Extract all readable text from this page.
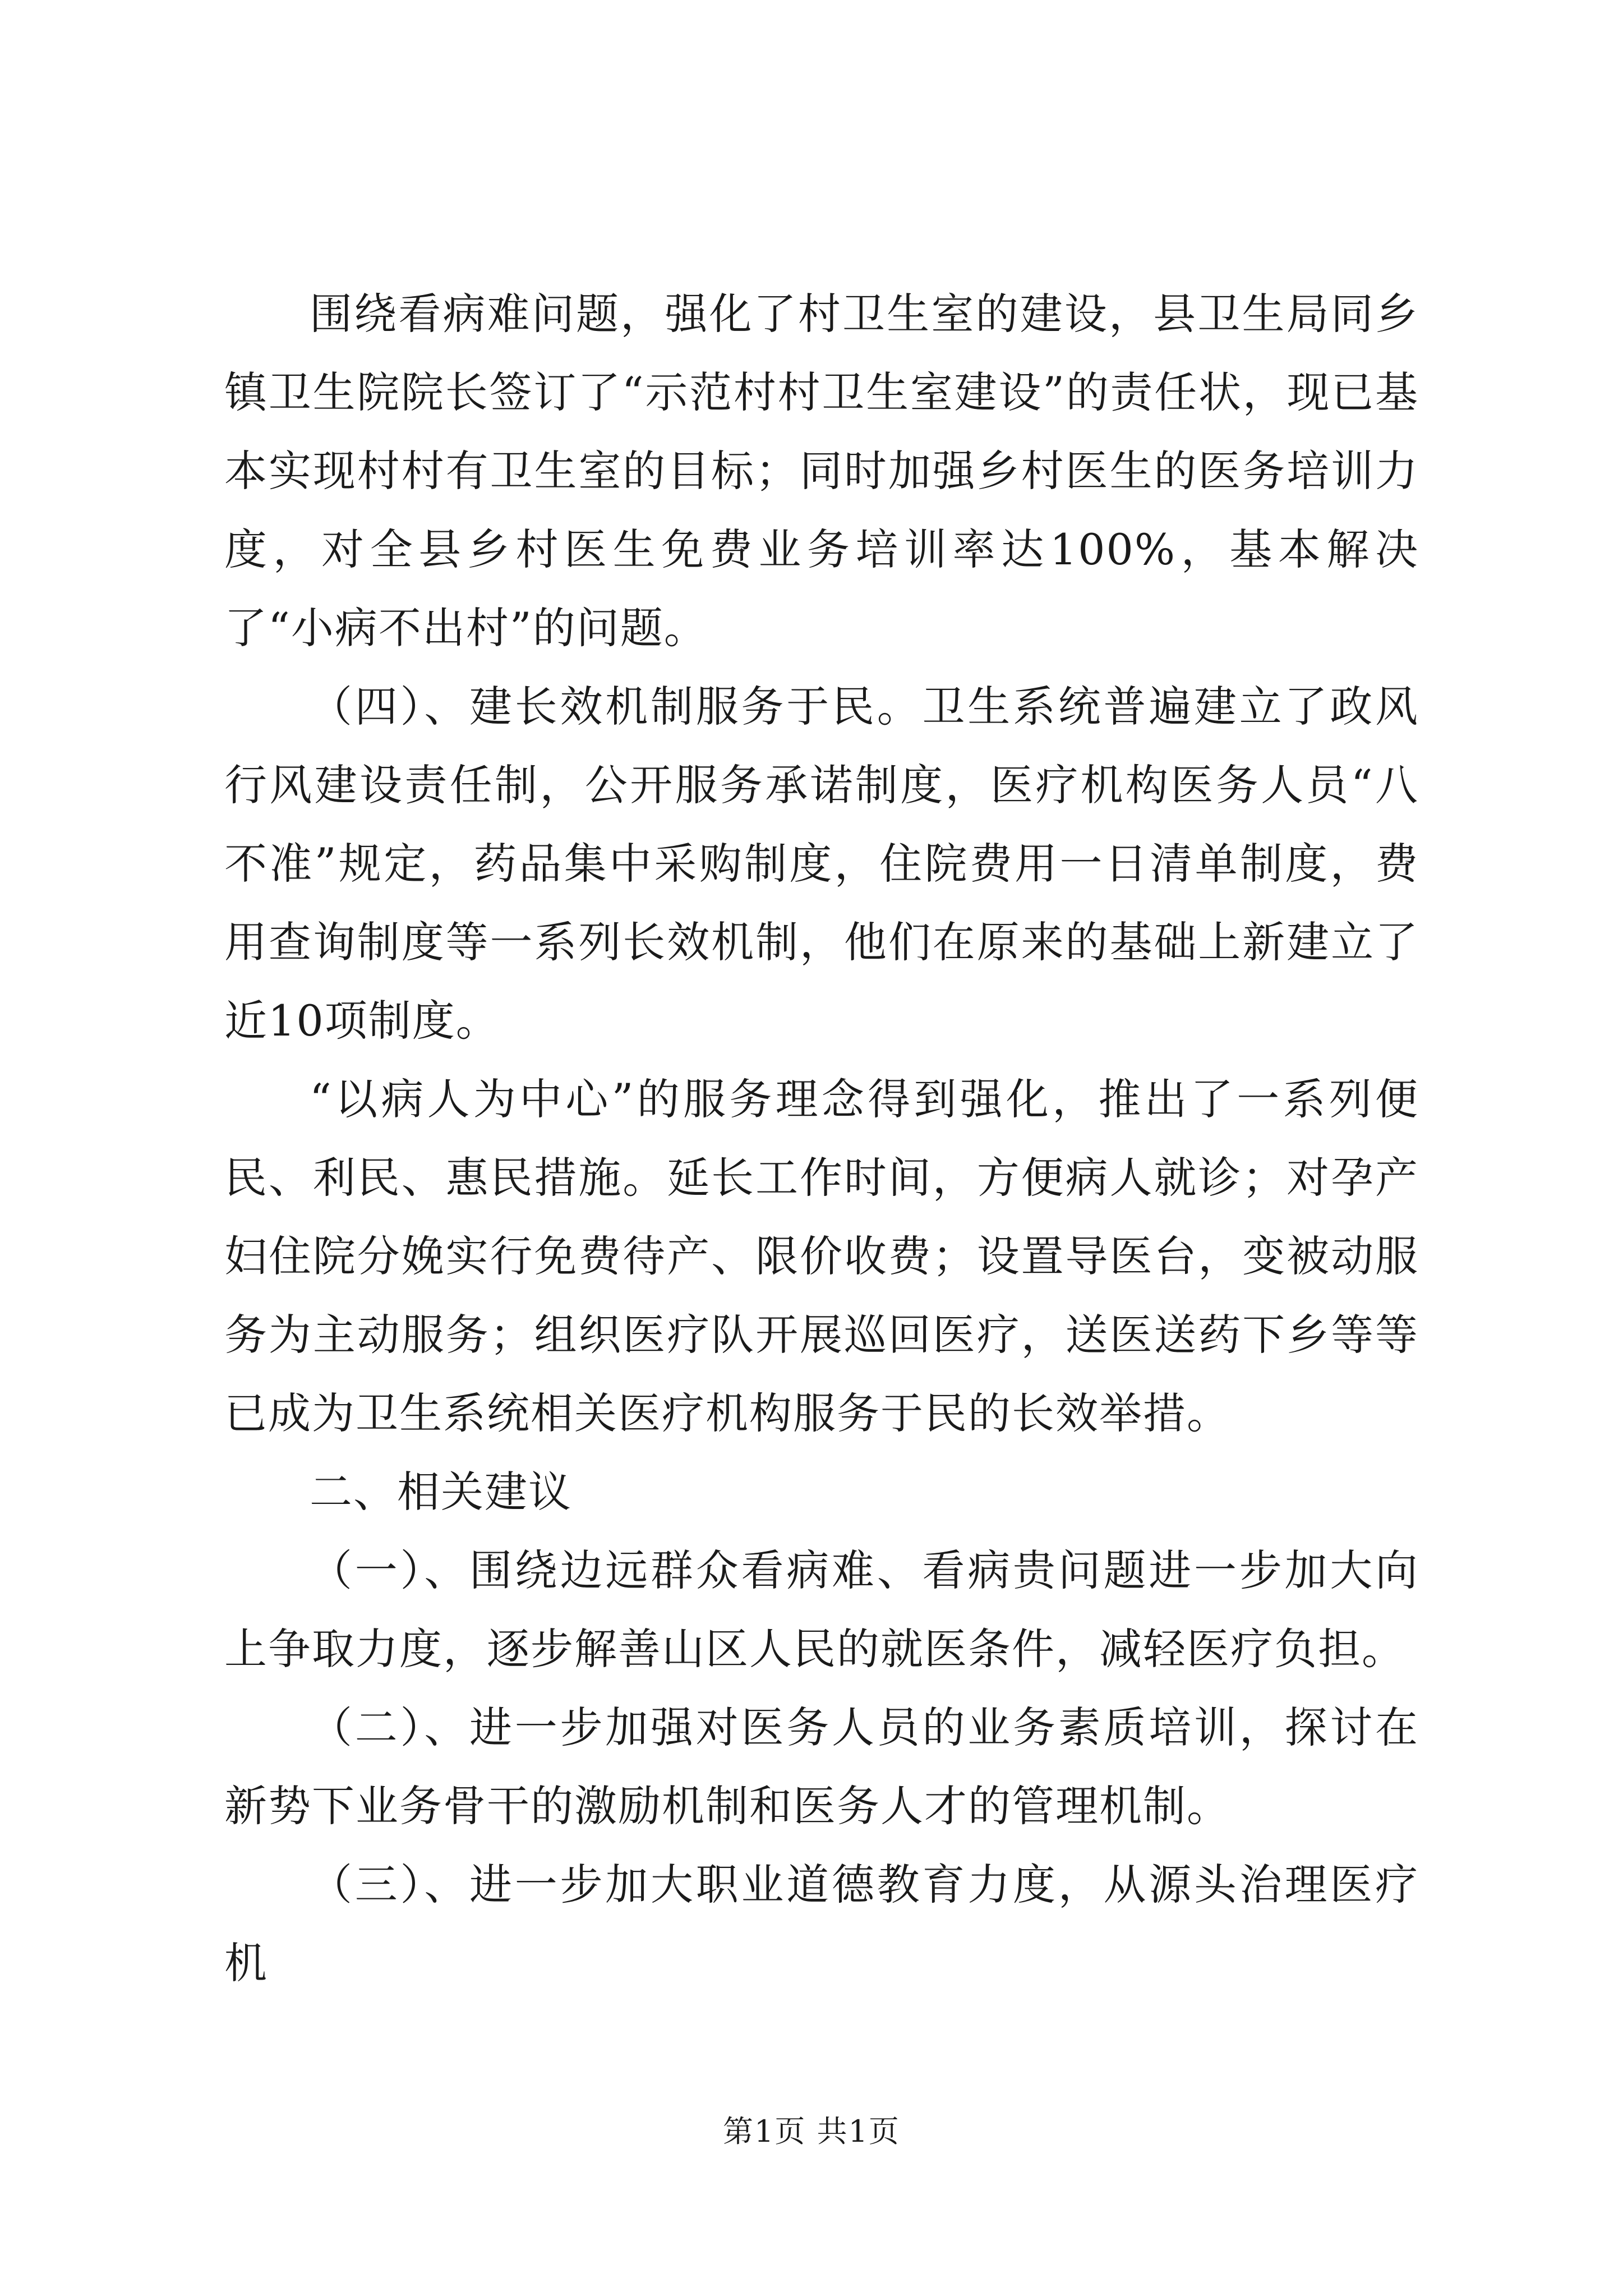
围绕看病难问题，强化了村卫生室的建设，县卫生局同乡镇卫生院院长签订了“示范村村卫生室建设”的责任状，现已基本实现村村有卫生室的目标；同时加强乡村医生的医务培训力度，对全县乡村医生免费业务培训率达100%，基本解决了“小病不出村”的问题。

（四）、建长效机制服务于民。卫生系统普遍建立了政风行风建设责任制，公开服务承诺制度，医疗机构医务人员“八不准”规定，药品集中采购制度，住院费用一日清单制度，费用查询制度等一系列长效机制，他们在原来的基础上新建立了近10项制度。

“以病人为中心”的服务理念得到强化，推出了一系列便民、利民、惠民措施。延长工作时间，方便病人就诊；对孕产妇住院分娩实行免费待产、限价收费；设置导医台，变被动服务为主动服务；组织医疗队开展巡回医疗，送医送药下乡等等已成为卫生系统相关医疗机构服务于民的长效举措。

二、相关建议

（一）、围绕边远群众看病难、看病贵问题进一步加大向上争取力度，逐步解善山区人民的就医条件，减轻医疗负担。

（二）、进一步加强对医务人员的业务素质培训，探讨在新势下业务骨干的激励机制和医务人才的管理机制。

（三）、进一步加大职业道德教育力度，从源头治理医疗机

第1页 共1页
